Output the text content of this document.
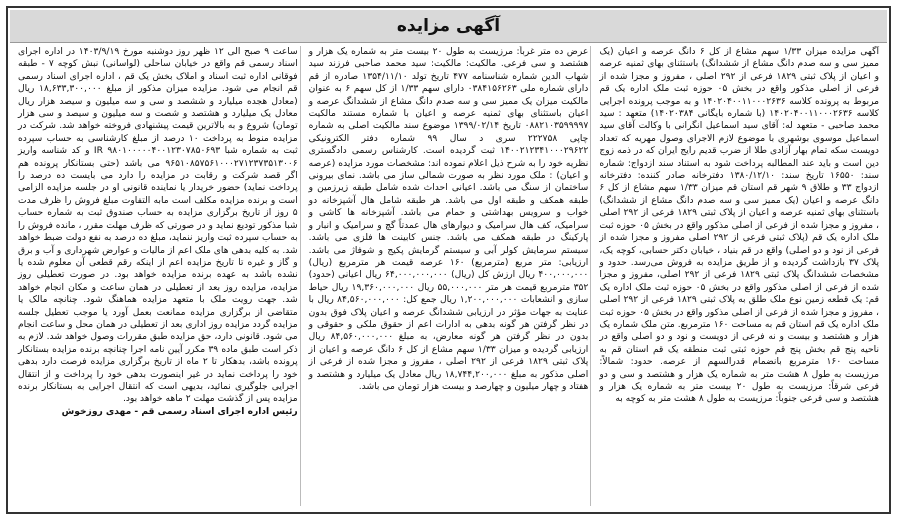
آگهی مزایده

آگهی مزایده میزان ۱/۳۳ سهم مشاع از کل ۶ دانگ عرصه و اعیان (یک ممیز سی و سه صدم دانگ مشاع از ششدانگ) باستثنای بهای ثمنیه عرصه و اعیان از پلاک ثبتی ۱۸۲۹ فرعی از ۲۹۲ اصلی ، مفروز و مجزا شده از فرعی از اصلی مذکور واقع در بخش ۰۵ حوزه ثبت ملک اداره یک قم مربوط به پرونده کلاسه ۱۴۰۲۰۴۰۰۱۱۰۰۰۲۶۳۶ و به موجب پرونده اجرایی کلاسه ۱۴۰۲۰۴۰۰۱۱۰۰۰۲۶۳۶ (با شماره بایگانی ۱۴۰۲۰۳۸۴) متعهد : سید محمد صاحبی - متعهد له: آقای سید اسماعیل انگرانی با وکالت آقای سید اسماعیل موسوی بوشهری با موضوع لازم الاجرای وصول مهریه که تعداد دویست سکه تمام بهار آزادی طلا از ضرب قدیم رایج ایران که در ذمه زوج دین است و باید عند المطالبه پرداخت شود به استناد سند ازدواج: شماره سند: ۱۶۵۵۰ تاریخ سند: ۱۳۸۰/۱۲/۱۰ دفترخانه صادر کننده: دفترخانه ازدواج ۳۳ و طلاق ۹ شهر قم استان قم میزان ۱/۳۳ سهم مشاع از کل ۶ دانگ عرصه و اعیان (یک ممیز سی و سه صدم دانگ مشاع از ششدانگ) باستثنای بهای ثمنیه عرصه و اعیان از پلاک ثبتی ۱۸۲۹ فرعی از ۲۹۲ اصلی ، مفروز و مجزا شده از فرعی از اصلی مذکور واقع در بخش ۰۵ حوزه ثبت ملک اداره یک قم (پلاک ثبتی فرعی از ۲۹۲ اصلی مفروز و مجزا شده از فرعی از نود و دو اصلی) واقع در قم بنیاد ، خیابان دکتر حسابی، کوچه یک، پلاک ۳۷ بازداشت گردیده و از طریق مزایده به فروش می‌رسد. حدود و مشخصات ششدانگ پلاک ثبتی ۱۸۲۹ فرعی از ۲۹۲ اصلی، مفروز و مجزا شده از فرعی از اصلی مذکور واقع در بخش ۰۵ حوزه ثبت ملک اداره یک قم: یک قطعه زمین نوع ملک طلق به پلاک ثبتی ۱۸۲۹ فرعی از ۲۹۲ اصلی ، مفروز و مجزا شده از فرعی از اصلی مذکور واقع در بخش ۰۵ حوزه ثبت ملک اداره یک قم استان قم به مساحت ۱۶۰ مترمربع. متن ملک شماره یک هزار و هشتصد و بیست و نه فرعی از دویست و نود و دو اصلی واقع در ناحیه پنج قم بخش پنج قم حوزه ثبتی ثبت منطقه یک قم استان قم به مساحت ۱۶۰ مترمربع بانضمام قدرالسهم از عرصه. حدود: شمالاً: مرزیست به طول ۸ هشت متر به شماره یک هزار و هشتصد و سی و دو فرعی شرقاً: مرزیست به طول ۲۰ بیست متر به شماره یک هزار و هشتصد و سی فرعی جنوباً: مرزیست به طول ۸ هشت متر به کوچه به

عرض ده متر غرباً: مرزیست به طول ۲۰ بیست متر به شماره یک هزار و هشتصد و سی فرعی. مالکیت: مالکیت: سید محمد صاحبی فرزند سید شهاب الدین شماره شناسنامه ۴۷۷ تاریخ تولد ۱۳۵۴/۱۱/۱۰ صادره از قم دارای شماره ملی ۰۳۸۴۱۵۶۲۶۳ دارای سهم ۱/۳۳ از کل سهم ۶ به عنوان مالکیت میزان یک ممیز سی و سه صدم دانگ مشاع از ششدانگ عرصه و اعیان باستثنای بهای ثمنیه عرصه و اعیان با شماره مستند مالکیت ۰۸۸۲۱۰۳۵۹۹۹۹۷ تاریخ ۱۳۹۹/۰۲/۱۴ موضوع سند مالکیت اصلی به شماره چاپی ۲۲۲۷۵۸ سری د سال ۹۹ شماره دفتر الکترونیکی ۱۴۰۰۲۱۲۳۴۱۰۰۰۲۹۶۲۲ ثبت گردیده است. کارشناس رسمی دادگستری نظریه خود را به شرح ذیل اعلام نموده اند: مشخصات مورد مزایده (عرصه و اعیان) : ملک مورد نظر به صورت شمالی ساز می باشد. نمای بیرونی ساختمان از سنگ می باشد. اعیانی احداث شده شامل طبقه زیرزمین و طبقه همکف و طبقه اول می باشد. هر طبقه شامل هال آشپزخانه دو خواب و سرویس بهداشتی و حمام می باشد. آشپزخانه ها کاشی و سرامیک، کف هال سرامیک و دیوارهای هال عمدتاً گچ و سرامیک و انبار و پارکینگ در طبقه همکف می باشد. جنس کابینت ها فلزی می باشد. سیستم سرمایش کولر آبی و سیستم گرمایش پکیج و شوفاژ می باشد. ارزیابی: متر مربع (مترمربع) ۱۶۰ عرصه قیمت هر مترمربع (ریال) ۴۰۰,۰۰۰,۰۰۰ ریال ارزش کل (ریال) ۶۴,۰۰۰,۰۰۰,۰۰۰ ریال اعیانی (حدود) ۳۵۲ مترمربع قیمت هر متر ۵۵,۰۰۰,۰۰۰ ریال ۱۹,۳۶۰,۰۰۰,۰۰۰ ریال حیاط سازی و انشعابات ۱,۲۰۰,۰۰۰,۰۰۰ ریال جمع کل: ۸۴,۵۶۰,۰۰۰,۰۰۰ ریال با عنایت به جهات مؤثر در ارزیابی ششدانگ عرصه و اعیان پلاک فوق بدون در نظر گرفتن هر گونه بدهی به ادارات اعم از حقوق ملکی و حقوقی و بدون در نظر گرفتن هر گونه معارض، به مبلغ ۸۴,۵۶۰,۰۰۰,۰۰۰ ریال ارزیابی گردیده و میزان ۱/۳۳ سهم مشاع از کل ۶ دانگ عرصه و اعیان از پلاک ثبتی ۱۸۲۹ فرعی از ۲۹۲ اصلی ، مفروز و مجزا شده از فرعی از اصلی مذکور به مبلغ ۱۸,۷۴۴,۲۰۰,۰۰۰ ریال معادل یک میلیارد و هشتصد و هفتاد و چهار میلیون و چهارصد و بیست هزار تومان می باشد.

ساعت ۹ صبح الی ۱۲ ظهر روز دوشنبه مورخ ۱۴۰۳/۹/۱۹ در اداره اجرای اسناد رسمی قم واقع در خیابان ساحلی (لواسانی) نبش کوچه ۷ - طبقه فوقانی اداره ثبت اسناد و املاک بخش یک قم ، اداره اجرای اسناد رسمی قم انجام می شود. مزایده میزان مذکور از مبلغ ۱۸,۶۳۳,۳۰۰,۰۰۰ ریال (معادل هجده میلیارد و ششصد و سی و سه میلیون و سیصد هزار ریال معادل یک میلیارد و هشتصد و شصت و سه میلیون و سیصد و سی هزار تومان) شروع و به بالاترین قیمت پیشنهادی فروخته خواهد شد. شرکت در مزایده منوط به پرداخت ۱۰ درصد از مبلغ کارشناسی به حساب سپرده ثبت به شماره شبا IR ۹۸۰۱۰۰۰۰۰۴۰۰۱۲۳۰۷۸۵۰۶۹۳ و کد شناسه واریز ۹۶۵۱۰۸۵۷۵۶۱۰۰۰۲۷۱۲۳۷۳۵۱۳۰۰۶ می باشد (حتی بستانکار پرونده هم اگر قصد شرکت و رقابت در مزایده را دارد می بایست ده درصد را پرداخت نماید) حضور خریدار یا نماینده قانونی او در جلسه مزایده الزامی است و برنده مزایده مکلف است مابه التفاوت مبلغ فروش را ظرف مدت ۵ روز از تاریخ برگزاری مزایده به حساب صندوق ثبت به شماره حساب شبا مذکور تودیع نماید و در صورتی که ظرف مهلت مقرر ، مانده فروش را به حساب سپرده ثبت واریز ننماید، مبلغ ده درصد به نفع دولت ضبط خواهد شد. به کلیه بدهی های ملک اعم از مالیات و عوارض شهرداری و آب و برق و گاز و غیره تا تاریخ مزایده اعم از اینکه رقم قطعی آن معلوم شده یا نشده باشد به عهده برنده مزایده خواهد بود. در صورت تعطیلی روز مزایده، مزایده روز بعد از تعطیلی در همان ساعت و مکان انجام خواهد شد. جهت رویت ملک با متعهد مزایده هماهنگ شود. چنانچه مالک یا متقاضی از برگزاری مزایده ممانعت بعمل آورد یا موجب تعطیل جلسه مزایده گردد مزایده روز اداری بعد از تعطیلی در همان محل و ساعت انجام می شود. قانونی دارد، حق مزایده طبق مقررات وصول خواهد شد. لازم به ذکر است طبق ماده ۳۹ مکرر آیین نامه اجرا چنانچه برنده مزایده بستانکار پرونده باشد، بدهکار تا ۲ ماه از تاریخ برگزاری مزایده فرصت دارد بدهی خود را پرداخت نماید در غیر اینصورت بدهی خود را پرداخت و از انتقال اجرایی جلوگیری نمائید، بدیهی است که انتقال اجرایی به بستانکار برنده مزایده پس از گذشت مهلت ۲ ماهه خواهد بود.

رئیس اداره اجرای اسناد رسمی قم - مهدی روزخوش
